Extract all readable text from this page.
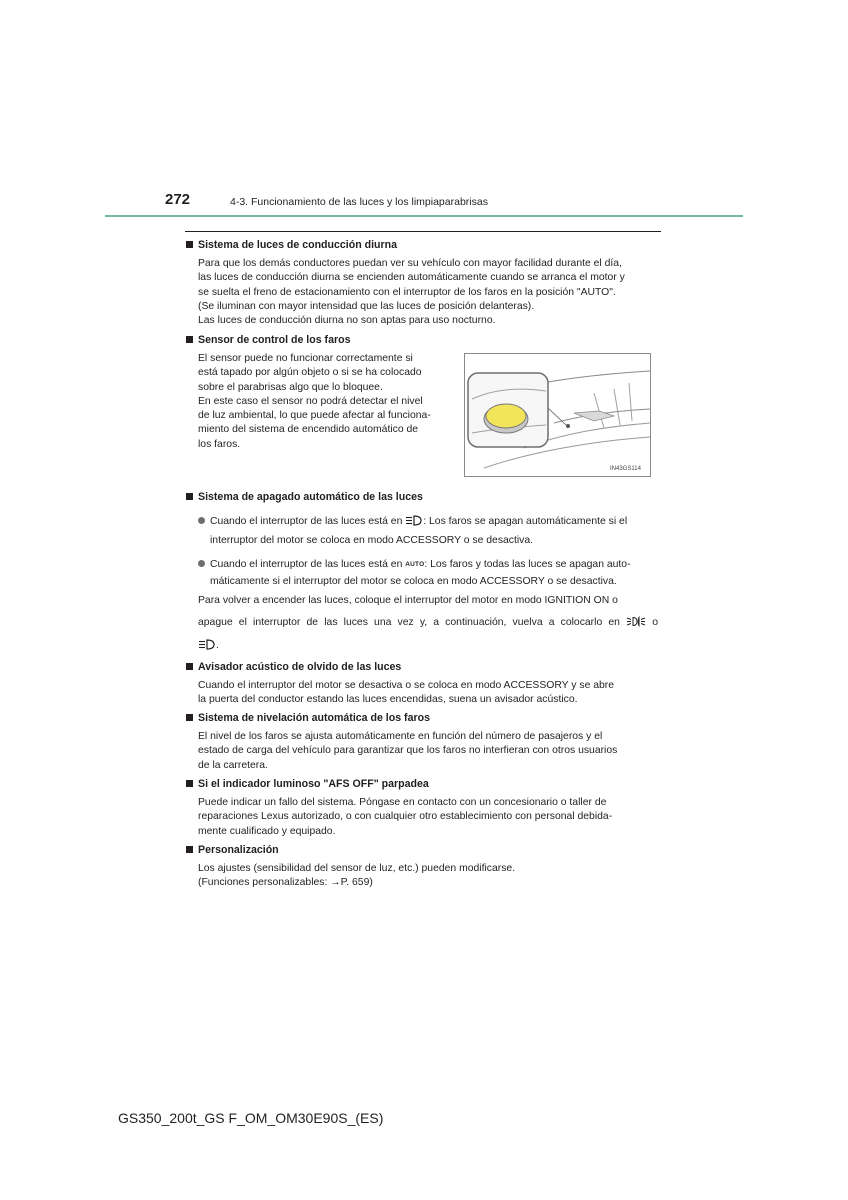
272	4-3. Funcionamiento de las luces y los limpiaparabrisas
Sistema de luces de conducción diurna
Para que los demás conductores puedan ver su vehículo con mayor facilidad durante el día,
las luces de conducción diurna se encienden automáticamente cuando se arranca el motor y
se suelta el freno de estacionamiento con el interruptor de los faros en la posición "AUTO".
(Se iluminan con mayor intensidad que las luces de posición delanteras).
Las luces de conducción diurna no son aptas para uso nocturno.
Sensor de control de los faros
El sensor puede no funcionar correctamente si
está tapado por algún objeto o si se ha colocado
sobre el parabrisas algo que lo bloquee.
En este caso el sensor no podrá detectar el nivel
de luz ambiental, lo que puede afectar al funciona-
miento del sistema de encendido automático de
los faros.
IN43GS114
Sistema de apagado automático de las luces
Cuando el interruptor de las luces está en : Los faros se apagan automáticamente si el
interruptor del motor se coloca en modo ACCESSORY o se desactiva.
Cuando el interruptor de las luces está en AUTO: Los faros y todas las luces se apagan auto-
máticamente si el interruptor del motor se coloca en modo ACCESSORY o se desactiva.
Para volver a encender las luces, coloque el interruptor del motor en modo IGNITION ON o
apague el interruptor de las luces una vez y, a continuación, vuelva a colocarlo en  o
.
Avisador acústico de olvido de las luces
Cuando el interruptor del motor se desactiva o se coloca en modo ACCESSORY y se abre
la puerta del conductor estando las luces encendidas, suena un avisador acústico.
Sistema de nivelación automática de los faros
El nivel de los faros se ajusta automáticamente en función del número de pasajeros y el
estado de carga del vehículo para garantizar que los faros no interfieran con otros usuarios
de la carretera.
Si el indicador luminoso "AFS OFF" parpadea
Puede indicar un fallo del sistema. Póngase en contacto con un concesionario o taller de
reparaciones Lexus autorizado, o con cualquier otro establecimiento con personal debida-
mente cualificado y equipado.
Personalización
Los ajustes (sensibilidad del sensor de luz, etc.) pueden modificarse.
(Funciones personalizables: →P. 659)
GS350_200t_GS F_OM_OM30E90S_(ES)
